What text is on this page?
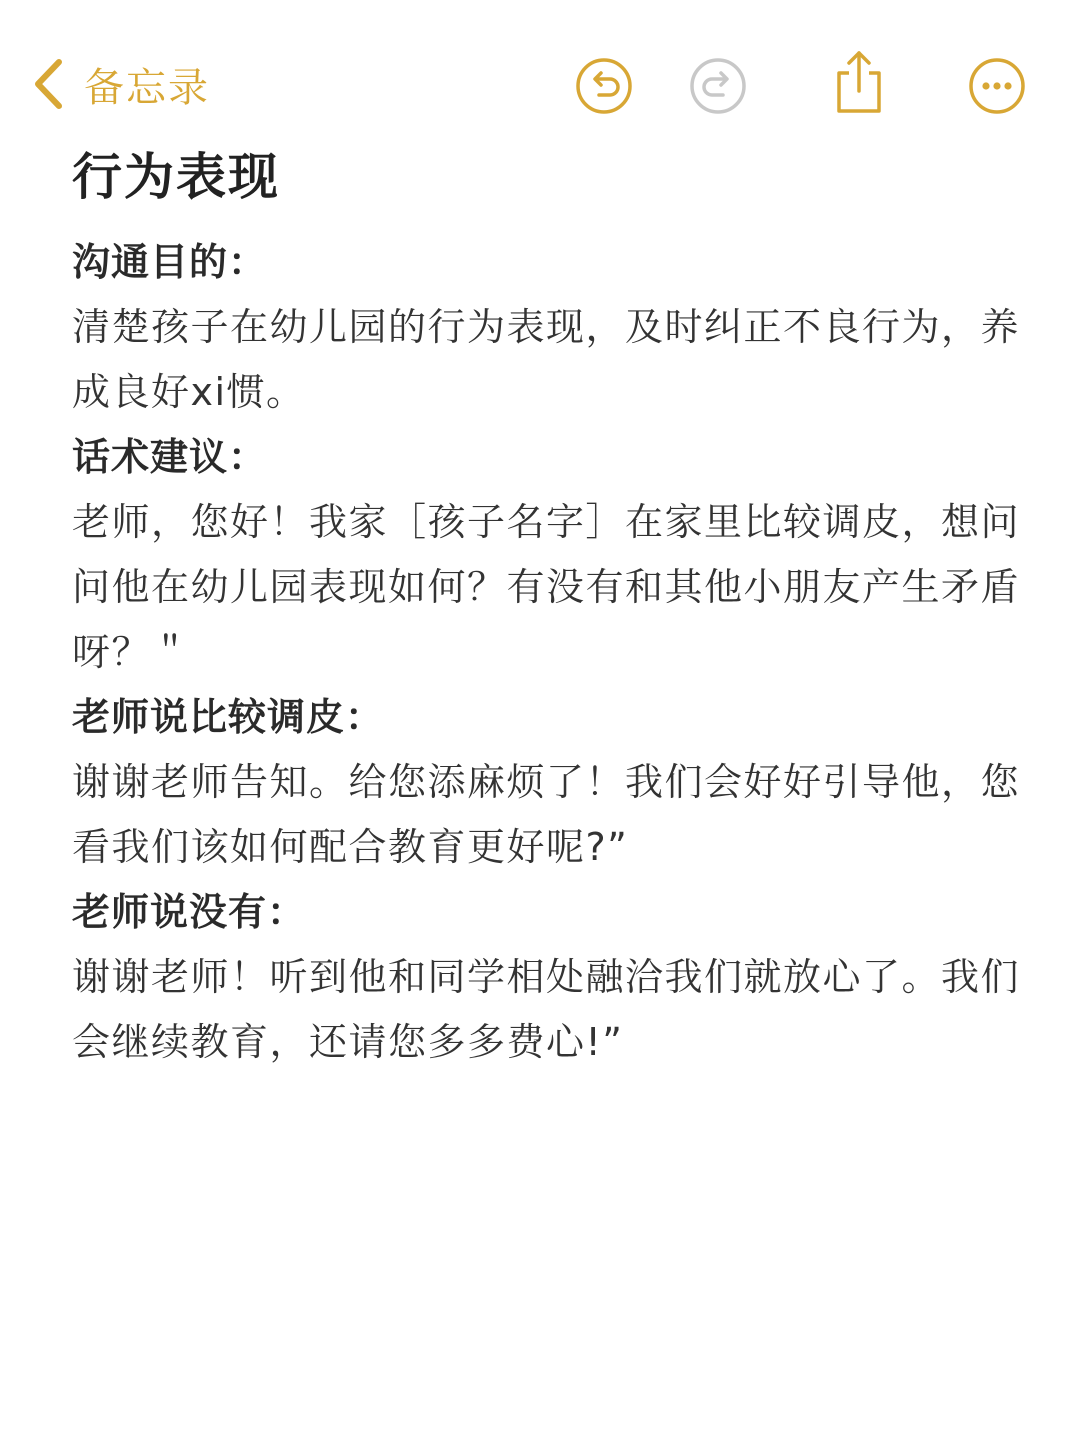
备忘录
行为表现

沟通目的：

清楚孩子在幼儿园的行为表现，及时纠正不良行为，养成良好xi惯。

话术建议：

老师，您好！我家［孩子名字］在家里比较调皮，想问问他在幼儿园表现如何？有没有和其他小朋友产生矛盾呀？＂

老师说比较调皮：

谢谢老师告知。给您添麻烦了！我们会好好引导他，您看我们该如何配合教育更好呢?”

老师说没有：

谢谢老师！听到他和同学相处融洽我们就放心了。我们会继续教育，还请您多多费心!”
